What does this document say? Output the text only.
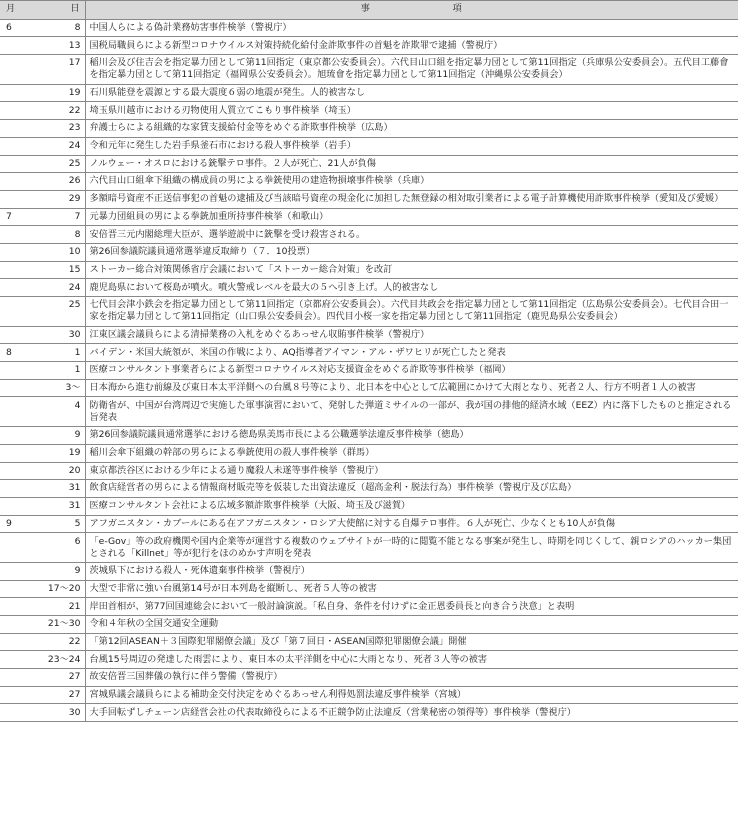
月	日	事 項
6	8	中国人らによる偽計業務妨害事件検挙（警視庁）
	13	国税局職員らによる新型コロナウイルス対策持続化給付金詐欺事件の首魁を詐欺罪で逮捕（警視庁）
	17	稲川会及び住吉会を指定暴力団として第11回指定（東京都公安委員会）。六代目山口組を指定暴力団として第11回指定（兵庫県公安委員会）。五代目工藤會を指定暴力団として第11回指定（福岡県公安委員会）。旭琉會を指定暴力団として第11回指定（沖縄県公安委員会）
	19	石川県能登を震源とする最大震度６弱の地震が発生。人的被害なし
	22	埼玉県川越市における刃物使用人質立てこもり事件検挙（埼玉）
	23	弁護士らによる組織的な家賃支援給付金等をめぐる詐欺事件検挙（広島）
	24	令和元年に発生した岩手県釜石市における殺人事件検挙（岩手）
	25	ノルウェー・オスロにおける銃撃テロ事件。２人が死亡、21人が負傷
	26	六代目山口組傘下組織の構成員の男による拳銃使用の建造物損壊事件検挙（兵庫）
	29	多額暗号資産不正送信事犯の首魁の逮捕及び当該暗号資産の現金化に加担した無登録の相対取引業者による電子計算機使用詐欺事件検挙（愛知及び愛媛）
7	7	元暴力団組員の男による拳銃加重所持事件検挙（和歌山）
	8	安倍晋三元内閣総理大臣が、選挙遊説中に銃撃を受け殺害される。
	10	第26回参議院議員通常選挙違反取締り（７．10投票）
	15	ストーカー総合対策関係省庁会議において「ストーカー総合対策」を改訂
	24	鹿児島県において桜島が噴火。噴火警戒レベルを最大の５へ引き上げ。人的被害なし
	25	七代目会津小鉄会を指定暴力団として第11回指定（京都府公安委員会）。六代目共政会を指定暴力団として第11回指定（広島県公安委員会）。七代目合田一家を指定暴力団として第11回指定（山口県公安委員会）。四代目小桜一家を指定暴力団として第11回指定（鹿児島県公安委員会）
	30	江東区議会議員らによる清掃業務の入札をめぐるあっせん収賄事件検挙（警視庁）
8	1	バイデン・米国大統領が、米国の作戦により、AQ指導者アイマン・アル・ザワヒリが死亡したと発表
	1	医療コンサルタント事業者らによる新型コロナウイルス対応支援資金をめぐる詐欺等事件検挙（福岡）
	3～	日本海から進む前線及び東日本太平洋側への台風８号等により、北日本を中心として広範囲にかけて大雨となり、死者２人、行方不明者１人の被害
	4	防衛省が、中国が台湾周辺で実施した軍事演習において、発射した弾道ミサイルの一部が、我が国の排他的経済水域（EEZ）内に落下したものと推定される旨発表
	9	第26回参議院議員通常選挙における徳島県美馬市長による公職選挙法違反事件検挙（徳島）
	19	稲川会傘下組織の幹部の男らによる拳銃使用の殺人事件検挙（群馬）
	20	東京都渋谷区における少年による通り魔殺人未遂等事件検挙（警視庁）
	31	飲食店経営者の男らによる情報商材販売等を仮装した出資法違反（超高金利・脱法行為）事件検挙（警視庁及び広島）
	31	医療コンサルタント会社による広域多額詐欺事件検挙（大阪、埼玉及び滋賀）
9	5	アフガニスタン・カブールにある在アフガニスタン・ロシア大使館に対する自爆テロ事件。６人が死亡、少なくとも10人が負傷
	6	「e-Gov」等の政府機関や国内企業等が運営する複数のウェブサイトが一時的に閲覧不能となる事案が発生し、時期を同じくして、親ロシアのハッカー集団とされる「Killnet」等が犯行をほのめかす声明を発表
	9	茨城県下における殺人・死体遺棄事件検挙（警視庁）
	17～20	大型で非常に強い台風第14号が日本列島を縦断し、死者５人等の被害
	21	岸田首相が、第77回国連総会において一般討論演説。「私自身、条件を付けずに金正恩委員長と向き合う決意」と表明
	21～30	令和４年秋の全国交通安全運動
	22	「第12回ASEAN＋３国際犯罪閣僚会議」及び「第７回日・ASEAN国際犯罪閣僚会議」開催
	23～24	台風15号周辺の発達した雨雲により、東日本の太平洋側を中心に大雨となり、死者３人等の被害
	27	故安倍晋三国葬儀の執行に伴う警備（警視庁）
	27	宮城県議会議員らによる補助金交付決定をめぐるあっせん利得処罰法違反事件検挙（宮城）
	30	大手回転ずしチェーン店経営会社の代表取締役らによる不正競争防止法違反（営業秘密の領得等）事件検挙（警視庁）
